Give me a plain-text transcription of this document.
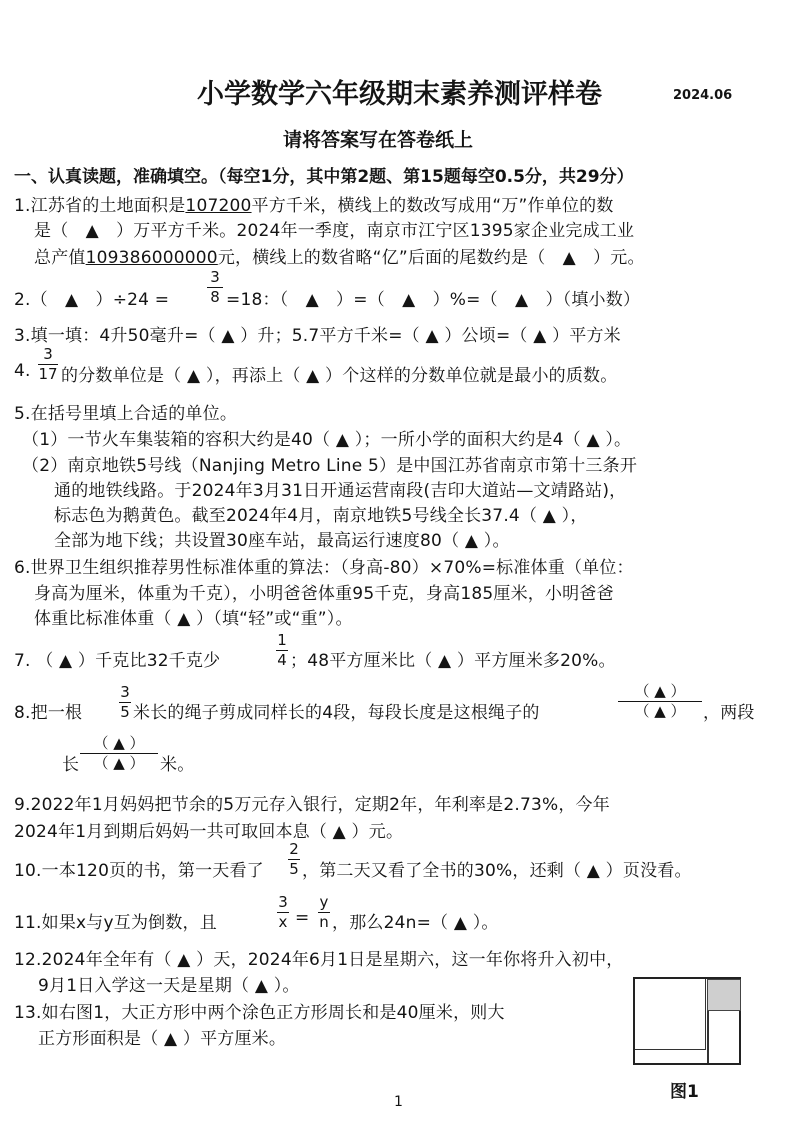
小学数学六年级期末素养测评样卷	2024.06
请将答案写在答卷纸上
一、认真读题，准确填空。（每空1分，其中第2题、第15题每空0.5分，共29分）
1.江苏省的土地面积是107200平方千米，横线上的数改写成用“万”作单位的数
是（　▲　）万平方千米。2024年一季度，南京市江宁区1395家企业完成工业
总产值109386000000元，横线上的数省略“亿”后面的尾数约是（　▲　）元。
2.（　▲　）÷24 =
3
8 =18：（　▲　）=（　▲　）%=（　▲　）（填小数）
3.填一填：4升50毫升=（ ▲ ）升；5.7平方千米=（ ▲ ）公顷=（ ▲ ）平方米
4.
3
17 的分数单位是（ ▲ ），再添上（ ▲ ）个这样的分数单位就是最小的质数。
5.在括号里填上合适的单位。
（1）一节火车集装箱的容积大约是40（ ▲ ）；一所小学的面积大约是4（ ▲ ）。
（2）南京地铁5号线（Nanjing Metro Line 5）是中国江苏省南京市第十三条开
通的地铁线路。于2024年3月31日开通运营南段(吉印大道站—文靖路站)，
标志色为鹅黄色。截至2024年4月，南京地铁5号线全长37.4（ ▲ ），
全部为地下线；共设置30座车站，最高运行速度80（ ▲ ）。
6.世界卫生组织推荐男性标准体重的算法：（身高-80）×70%=标准体重（单位：
身高为厘米，体重为千克），小明爸爸体重95千克，身高185厘米，小明爸爸
体重比标准体重（ ▲ ）（填“轻”或“重”）。
7. （ ▲ ）千克比32千克少
1
4 ；48平方厘米比（ ▲ ）平方厘米多20%。
8.把一根
3
5 米长的绳子剪成同样长的4段，每段长度是这根绳子的
（ ▲ ）
（ ▲ ） ，两段
长
（ ▲ ）
（ ▲ ） 米。
9.2022年1月妈妈把节余的5万元存入银行，定期2年，年利率是2.73%，今年
2024年1月到期后妈妈一共可取回本息（ ▲ ）元。
10.一本120页的书，第一天看了
2
5 ，第二天又看了全书的30%，还剩（ ▲ ）页没看。
11.如果x与y互为倒数，且
3
x =
y
n ，那么24n=（ ▲ ）。
12.2024年全年有（ ▲ ）天，2024年6月1日是星期六，这一年你将升入初中，
9月1日入学这一天是星期（ ▲ ）。
13.如右图1，大正方形中两个涂色正方形周长和是40厘米，则大
正方形面积是（ ▲ ）平方厘米。
图1
1
